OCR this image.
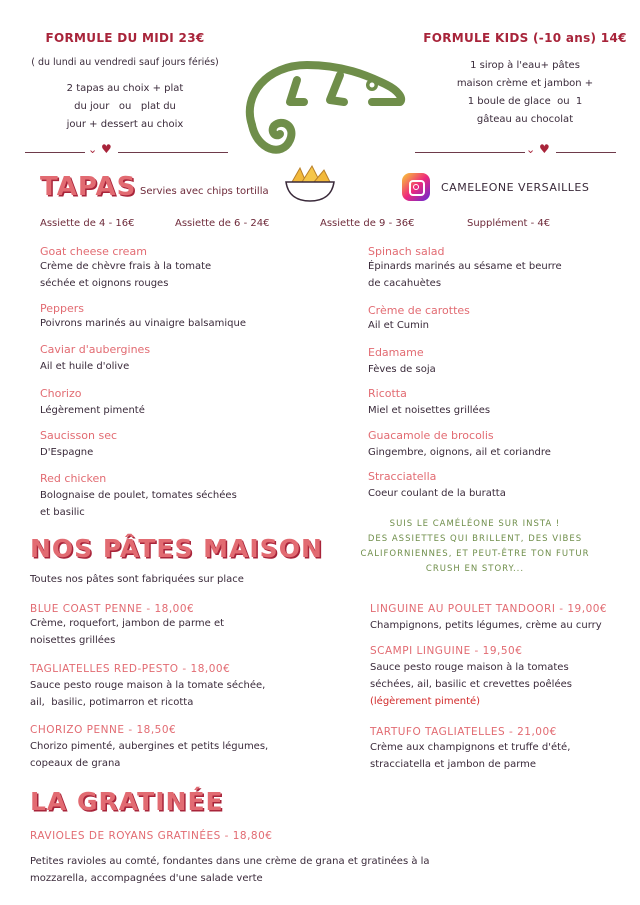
FORMULE DU MIDI 23€
( du lundi au vendredi sauf jours fériés)
2 tapas au choix + plat
du jour   ou   plat du
jour + dessert au choix
FORMULE KIDS (-10 ans) 14€
1 sirop à l'eau+ pâtes
maison crème et jambon +
1 boule de glace  ou  1
gâteau au chocolat
⌄ ♥	⌄ ♥
TAPAS Servies avec chips tortilla	CAMELEONE VERSAILLES
Assiette de 4 - 16€	Assiette de 6 - 24€	Assiette de 9 - 36€	Supplément - 4€
Goat cheese cream
Crème de chèvre frais à la tomate
séchée et oignons rouges
Peppers
Poivrons marinés au vinaigre balsamique
Caviar d'aubergines
Ail et huile d'olive
Chorizo
Légèrement pimenté
Saucisson sec
D'Espagne
Red chicken
Bolognaise de poulet, tomates séchées
et basilic
Spinach salad
Épinards marinés au sésame et beurre
de cacahuètes
Crème de carottes
Ail et Cumin
Edamame
Fèves de soja
Ricotta
Miel et noisettes grillées
Guacamole de brocolis
Gingembre, oignons, ail et coriandre
Stracciatella
Coeur coulant de la buratta
SUIS LE CAMÉLÉONE SUR INSTA !
DES ASSIETTES QUI BRILLENT, DES VIBES
CALIFORNIENNES, ET PEUT-ÊTRE TON FUTUR
CRUSH EN STORY...
NOS PÂTES MAISON
Toutes nos pâtes sont fabriquées sur place
BLUE COAST PENNE - 18,00€
Crème, roquefort, jambon de parme et
noisettes grillées
TAGLIATELLES RED-PESTO - 18,00€
Sauce pesto rouge maison à la tomate séchée,
ail,  basilic, potimarron et ricotta
CHORIZO PENNE - 18,50€
Chorizo pimenté, aubergines et petits légumes,
copeaux de grana
LINGUINE AU POULET TANDOORI - 19,00€
Champignons, petits légumes, crème au curry
SCAMPI LINGUINE - 19,50€
Sauce pesto rouge maison à la tomates
séchées, ail, basilic et crevettes poêlées
(légèrement pimenté)
TARTUFO TAGLIATELLES - 21,00€
Crème aux champignons et truffe d'été,
stracciatella et jambon de parme
LA GRATINÉE
RAVIOLES DE ROYANS GRATINÉES - 18,80€
Petites ravioles au comté, fondantes dans une crème de grana et gratinées à la
mozzarella, accompagnées d'une salade verte
